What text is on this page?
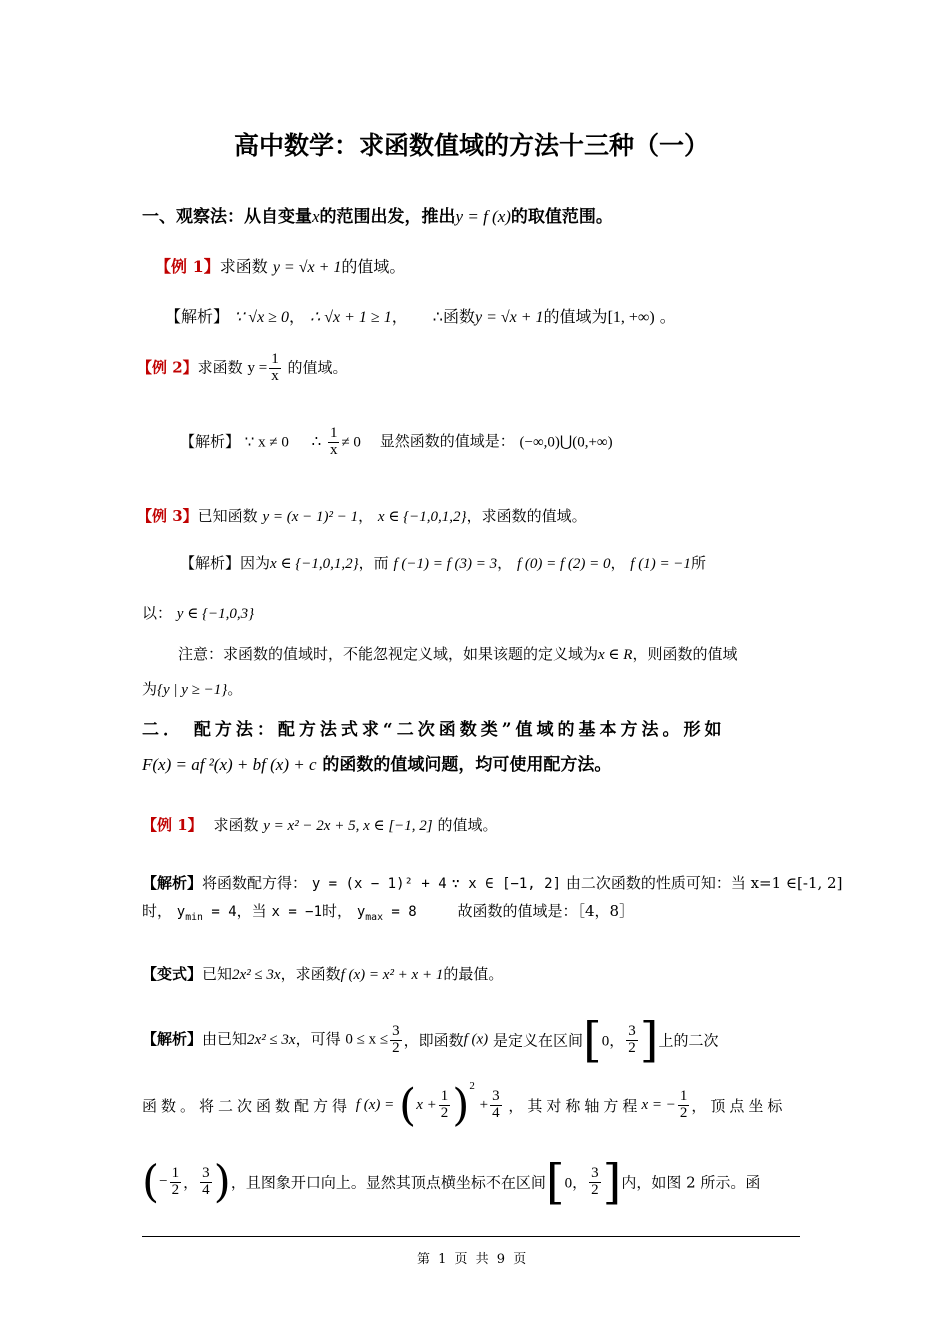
高中数学：求函数值域的方法十三种（一）
一、观察法：从自变量x的范围出发，推出y = f (x)的取值范围。
【例 1】求函数 y = √x + 1的值域。
【解析】 ∵ √x ≥ 0， ∴ √x + 1 ≥ 1， ∴函数y = √x + 1的值域为[1, +∞) 。
【例 2】求函数 $y = \frac{1}{x}$ 的值域。
【解析】 ∵ x ≠ 0 ∴ $\frac{1}{x} \ne 0$ 显然函数的值域是： (−∞,0)⋃(0,+∞)
【例 3】已知函数 y = (x − 1)² − 1， x ∈ {−1,0,1,2}，求函数的值域。
【解析】因为x ∈ {−1,0,1,2}，而 f (−1) = f (3) = 3， f (0) = f (2) = 0， f (1) = −1所
以： y ∈ {−1,0,3}
注意：求函数的值域时，不能忽视定义域，如果该题的定义域为x ∈ R，则函数的值域
为{y | y ≥ −1}。
二． 配方法：配方法式求“二次函数类”值域的基本方法。形如
F(x) = af ²(x) + bf (x) + c 的函数的值域问题，均可使用配方法。
【例 1】 求函数 y = x² − 2x + 5, x ∈ [−1, 2] 的值域。
【解析】将函数配方得： y = (x − 1)² + 4 ∵ x ∈ [−1, 2] 由二次函数的性质可知：当 x=1 ∈[-1, 2]
时， $y_{min} = 4$，当 x = −1时， $y_{max} = 8$	故函数的值域是：［4，8］
【变式】已知2x² ≤ 3x，求函数f (x) = x² + x + 1的最值。
【解析】由已知2x² ≤ 3x，可得 $0 \le x \le \frac{3}{2}$ ，即函数f (x) 是定义在区间[0， $\frac{3}{2}$ ]上的二次
函数。将二次函数配方得 f $(x) = (x + \frac{1}{2} )^2 + \frac{3}{4}$ ，其对称轴方程x = − $\frac{1}{2}$ ，顶点坐标
(− $\frac{1}{2}$ ， $\frac{3}{4}$ )，且图象开口向上。显然其顶点横坐标不在区间[0， $\frac{3}{2}$ ]内，如图 2 所示。函
第 1 页 共 9 页
